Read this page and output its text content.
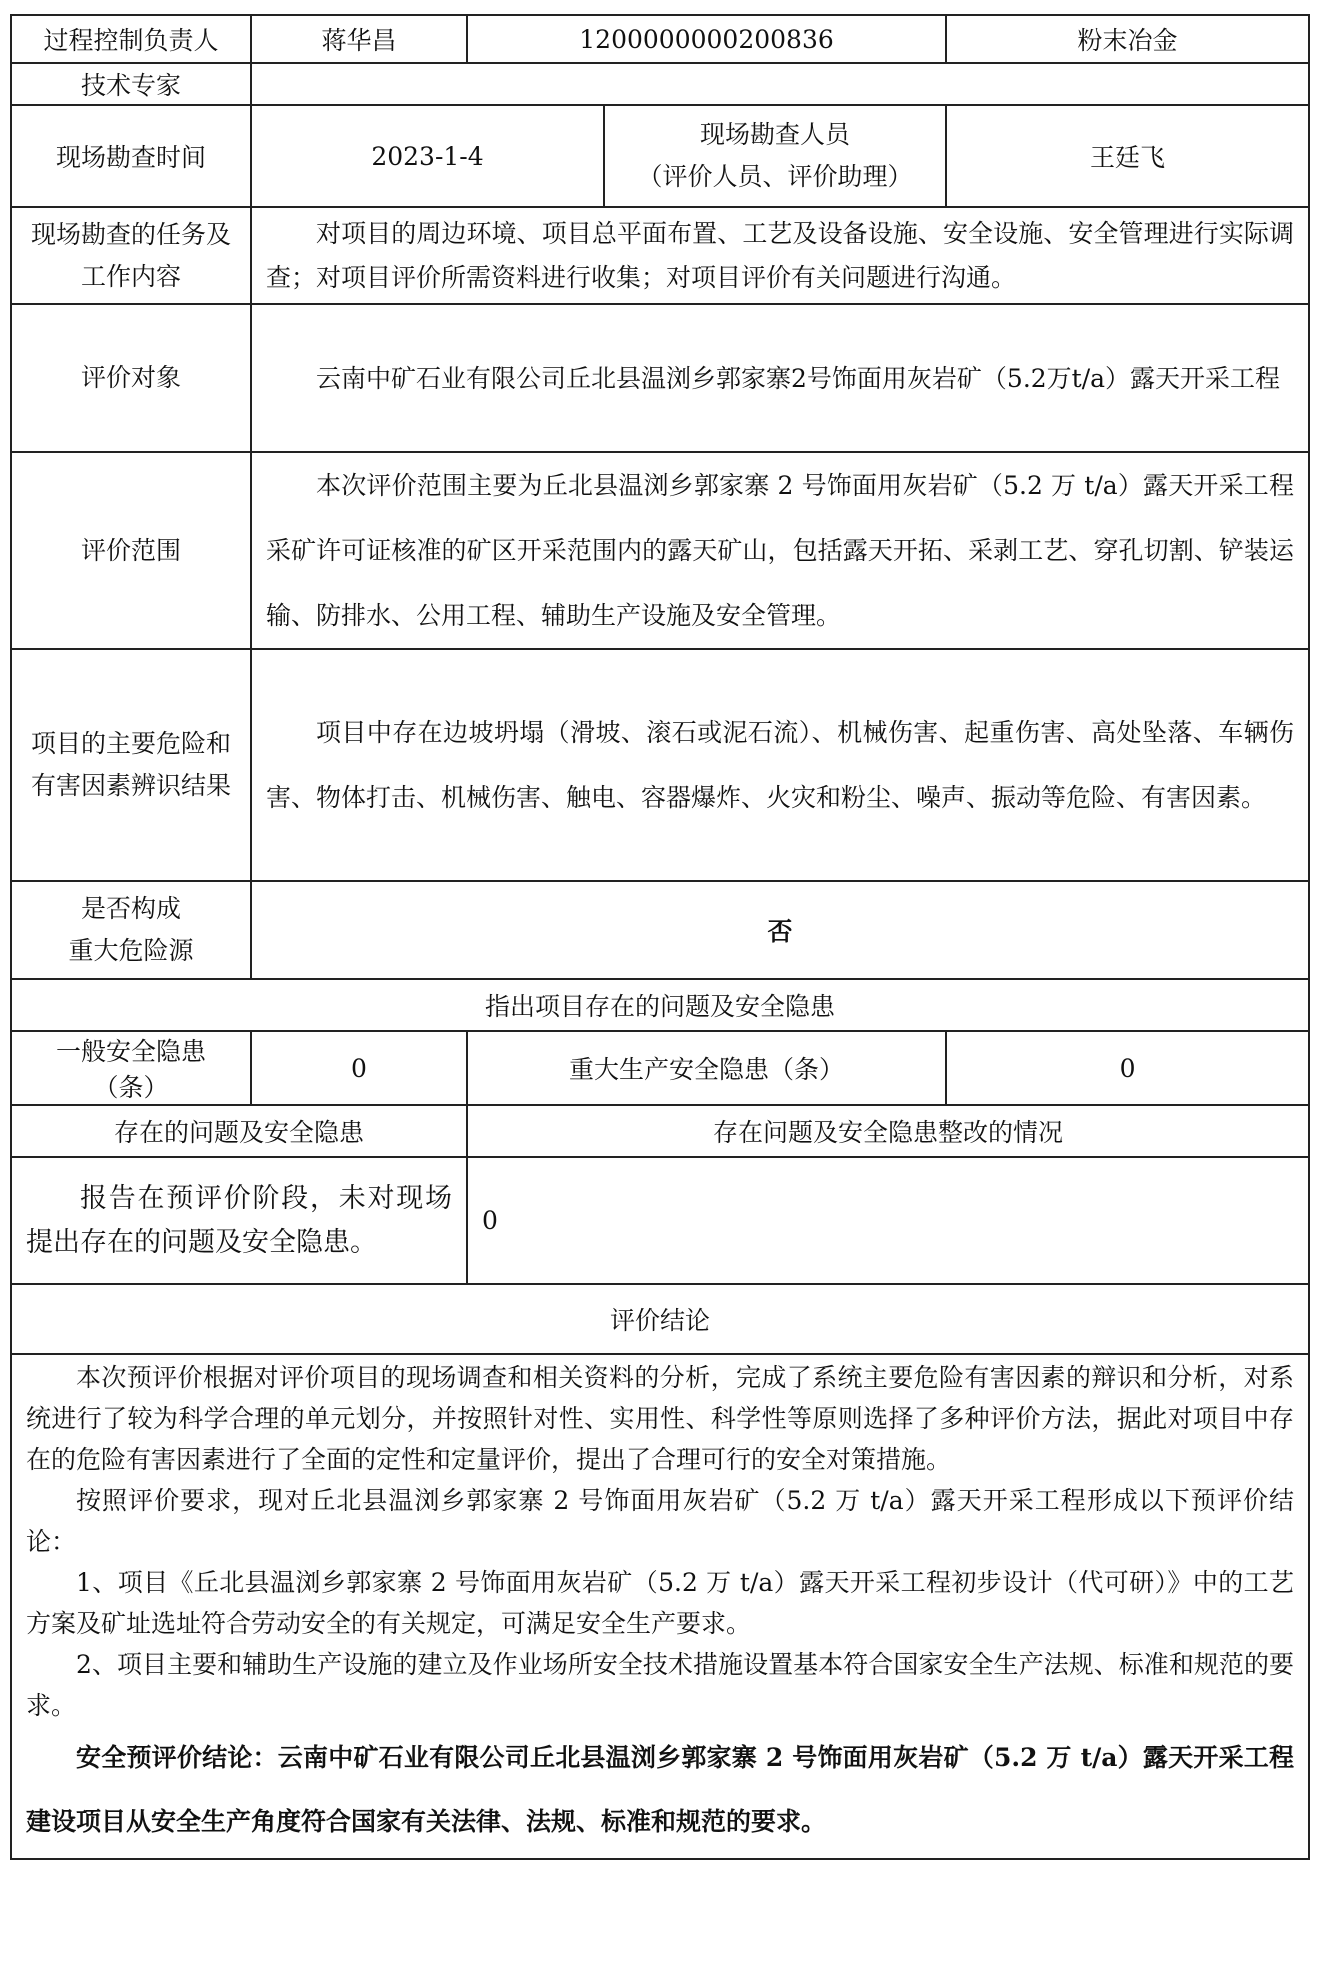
过程控制负责人	蒋华昌	1200000000200836		粉末冶金
技术专家				
现场勘查时间	2023-1-4		现场勘查人员
（评价人员、评价助理）	王廷飞
现场勘查的任务及工作内容	对项目的周边环境、项目总平面布置、工艺及设备设施、安全设施、安全管理进行实际调查；对项目评价所需资料进行收集；对项目评价有关问题进行沟通。			
评价对象	云南中矿石业有限公司丘北县温浏乡郭家寨2号饰面用灰岩矿（5.2万t/a）露天开采工程			
评价范围	本次评价范围主要为丘北县温浏乡郭家寨 2 号饰面用灰岩矿（5.2 万 t/a）露天开采工程采矿许可证核准的矿区开采范围内的露天矿山，包括露天开拓、采剥工艺、穿孔切割、铲装运输、防排水、公用工程、辅助生产设施及安全管理。			
项目的主要危险和有害因素辨识结果	项目中存在边坡坍塌（滑坡、滚石或泥石流）、机械伤害、起重伤害、高处坠落、车辆伤害、物体打击、机械伤害、触电、容器爆炸、火灾和粉尘、噪声、振动等危险、有害因素。			

是否构成
重大危险源	否			
指出项目存在的问题及安全隐患				
一般安全隐患（条）	0	重大生产安全隐患（条）		0
存在的问题及安全隐患		存在问题及安全隐患整改的情况		
报告在预评价阶段，未对现场提出存在的问题及安全隐患。		0		
评价结论				

本次预评价根据对评价项目的现场调查和相关资料的分析，完成了系统主要危险有害因素的辩识和分析，对系统进行了较为科学合理的单元划分，并按照针对性、实用性、科学性等原则选择了多种评价方法，据此对项目中存在的危险有害因素进行了全面的定性和定量评价，提出了合理可行的安全对策措施。

按照评价要求，现对丘北县温浏乡郭家寨 2 号饰面用灰岩矿（5.2 万 t/a）露天开采工程形成以下预评价结论：

1、项目《丘北县温浏乡郭家寨 2 号饰面用灰岩矿（5.2 万 t/a）露天开采工程初步设计（代可研）》中的工艺方案及矿址选址符合劳动安全的有关规定，可满足安全生产要求。

2、项目主要和辅助生产设施的建立及作业场所安全技术措施设置基本符合国家安全生产法规、标准和规范的要求。

安全预评价结论：云南中矿石业有限公司丘北县温浏乡郭家寨 2 号饰面用灰岩矿（5.2 万 t/a）露天开采工程建设项目从安全生产角度符合国家有关法律、法规、标准和规范的要求。				
